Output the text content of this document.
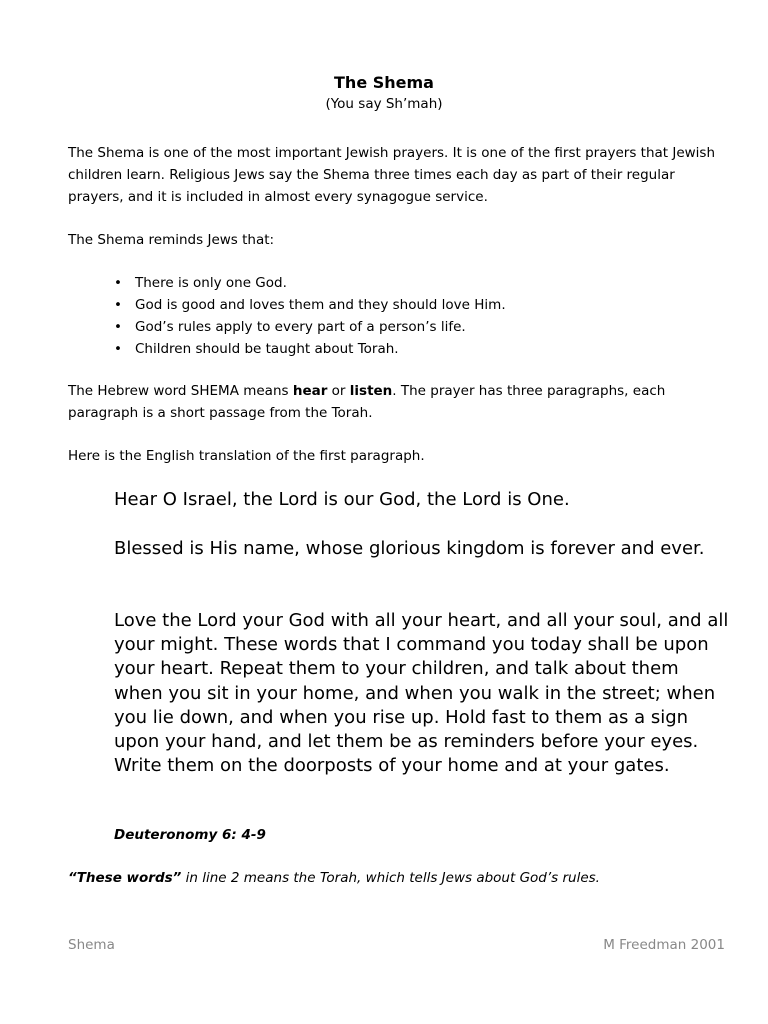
The Shema

(You say Sh’mah)

The Shema is one of the most important Jewish prayers. It is one of the first prayers that Jewish children learn. Religious Jews say the Shema three times each day as part of their regular prayers, and it is included in almost every synagogue service.

The Shema reminds Jews that:

• There is only one God.
• God is good and loves them and they should love Him.
• God’s rules apply to every part of a person’s life.
• Children should be taught about Torah.

The Hebrew word SHEMA means hear or listen. The prayer has three paragraphs, each paragraph is a short passage from the Torah.

Here is the English translation of the first paragraph.

Hear O Israel, the Lord is our God, the Lord is One.

Blessed is His name, whose glorious kingdom is forever and ever.

Love the Lord your God with all your heart, and all your soul, and all your might. These words that I command you today shall be upon your heart. Repeat them to your children, and talk about them when you sit in your home, and when you walk in the street; when you lie down, and when you rise up. Hold fast to them as a sign upon your hand, and let them be as reminders before your eyes. Write them on the doorposts of your home and at your gates.

Deuteronomy 6: 4-9

“These words” in line 2 means the Torah, which tells Jews about God’s rules.

Shema	M Freedman 2001
